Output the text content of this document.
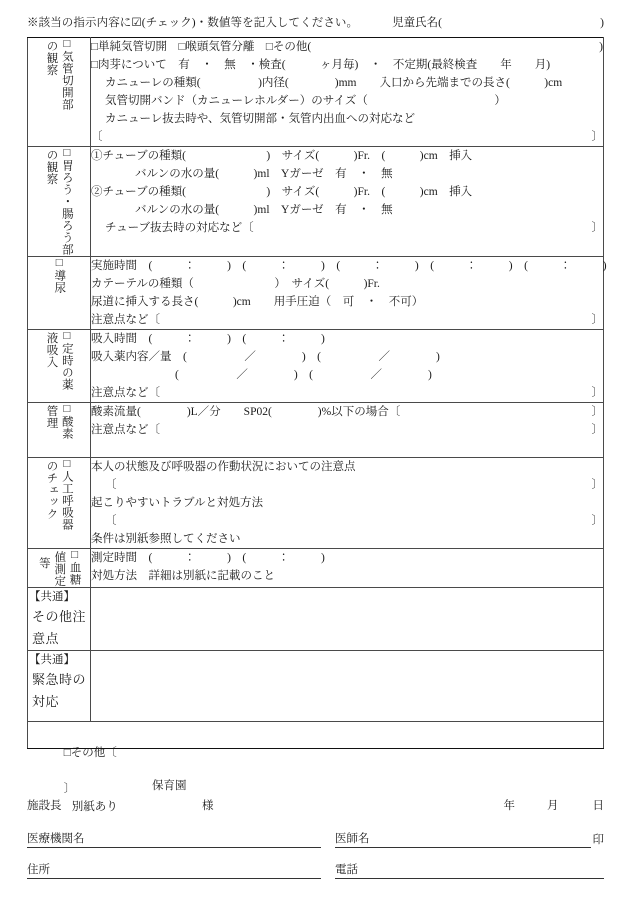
※該当の指示内容に☑(チェック)・数値等を記入してください。	児童氏名(	)
□気管切開部
の観察	□単純気管切開　□喉頭気管分離　□その他(	)
□肉芽について　有　・　無　・検査(　　　ヶ月毎)　・　不定期(最終検査　　年　　月)
カニューレの種類(　　　　　)内径(　　　　)mm　　入口から先端までの長さ(　　　)cm
気管切開バンド（カニューレホルダー）のサイズ（　　　　　　　　　　　）
カニューレ抜去時や、気管切開部・気管内出血への対応など
〔	〕

□胃ろう・腸ろう部
の観察	①チューブの種類(　　　　　　　)　サイズ(　　　)Fr.　(　　　)cm　挿入
バルンの水の量(　　　)ml　Yガーゼ　有　・　無
②チューブの種類(　　　　　　　)　サイズ(　　　)Fr.　(　　　)cm　挿入
バルンの水の量(　　　)ml　Yガーゼ　有　・　無
チューブ抜去時の対応など〔	〕

□導尿	実施時間　(　　　：　　　)　(　　　：　　　)　(　　　：　　　)　(　　　：　　　)　(　　　：　　　)
カテーテルの種類（　　　　　　　）　サイズ(　　　)Fr.
尿道に挿入する長さ(　　　)cm　　用手圧迫（　可　・　不可）
注意点など〔 〕

□定時の薬
液吸入	吸入時間　(　　　：　　　)　(　　　：　　　)
吸入薬内容／量　(　　　　　／　　　　)　(　　　　　／　　　　)
(　　　　　／　　　　)　(　　　　　／　　　　)
注意点など〔	〕

□酸素
管理	酸素流量(　　　　)L／分　　SP02(　　　　)%以下の場合〔	〕
注意点など〔	〕

□人工呼吸器
のチェック	本人の状態及び呼吸器の作動状況においての注意点
〔	〕
起こりやすいトラブルと対処方法
〔	〕
条件は別紙参照してください

□血糖
値測定
等	測定時間　(　　　：　　　)　(　　　：　　　)
対処方法　詳細は別紙に記載のこと

【共通】
その他注意点	

【共通】
緊急時の対応	

□その他〔

〕
別紙あり	

保育園
施設長	様	年	月	日
医療機関名	医師名	印
住所	電話
